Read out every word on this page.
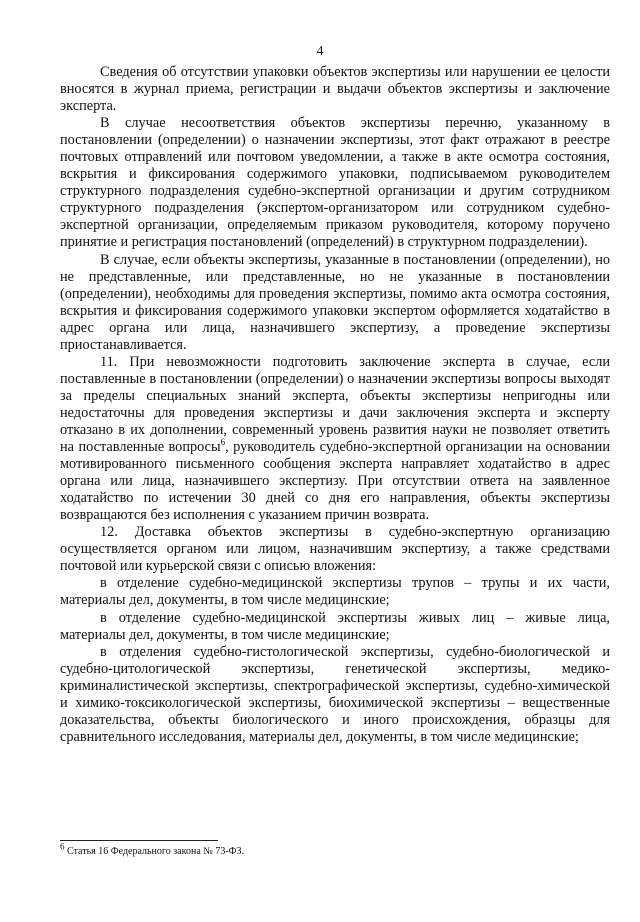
4

Сведения об отсутствии упаковки объектов экспертизы или нарушении ее целости вносятся в журнал приема, регистрации и выдачи объектов экспертизы и заключение эксперта.

В случае несоответствия объектов экспертизы перечню, указанному в постановлении (определении) о назначении экспертизы, этот факт отражают в реестре почтовых отправлений или почтовом уведомлении, а также в акте осмотра состояния, вскрытия и фиксирования содержимого упаковки, подписываемом руководителем структурного подразделения судебно-экспертной организации и другим сотрудником структурного подразделения (экспертом-организатором или сотрудником судебно-экспертной организации, определяемым приказом руководителя, которому поручено принятие и регистрация постановлений (определений) в структурном подразделении).

В случае, если объекты экспертизы, указанные в постановлении (определении), но не представленные, или представленные, но не указанные в постановлении (определении), необходимы для проведения экспертизы, помимо акта осмотра состояния, вскрытия и фиксирования содержимого упаковки экспертом оформляется ходатайство в адрес органа или лица, назначившего экспертизу, а проведение экспертизы приостанавливается.

11. При невозможности подготовить заключение эксперта в случае, если поставленные в постановлении (определении) о назначении экспертизы вопросы выходят за пределы специальных знаний эксперта, объекты экспертизы непригодны или недостаточны для проведения экспертизы и дачи заключения эксперта и эксперту отказано в их дополнении, современный уровень развития науки не позволяет ответить на поставленные вопросы$^6$, руководитель судебно-экспертной организации на основании мотивированного письменного сообщения эксперта направляет ходатайство в адрес органа или лица, назначившего экспертизу. При отсутствии ответа на заявленное ходатайство по истечении 30 дней со дня его направления, объекты экспертизы возвращаются без исполнения с указанием причин возврата.

12. Доставка объектов экспертизы в судебно-экспертную организацию осуществляется органом или лицом, назначившим экспертизу, а также средствами почтовой или курьерской связи с описью вложения:

в отделение судебно-медицинской экспертизы трупов – трупы и их части, материалы дел, документы, в том числе медицинские;

в отделение судебно-медицинской экспертизы живых лиц – живые лица, материалы дел, документы, в том числе медицинские;

в отделения судебно-гистологической экспертизы, судебно-биологической и судебно-цитологической экспертизы, генетической экспертизы, медико-криминалистической экспертизы, спектрографической экспертизы, судебно-химической и химико-токсикологической экспертизы, биохимической экспертизы – вещественные доказательства, объекты биологического и иного происхождения, образцы для сравнительного исследования, материалы дел, документы, в том числе медицинские;

$^6$ Статья 16 Федерального закона № 73-ФЗ.
